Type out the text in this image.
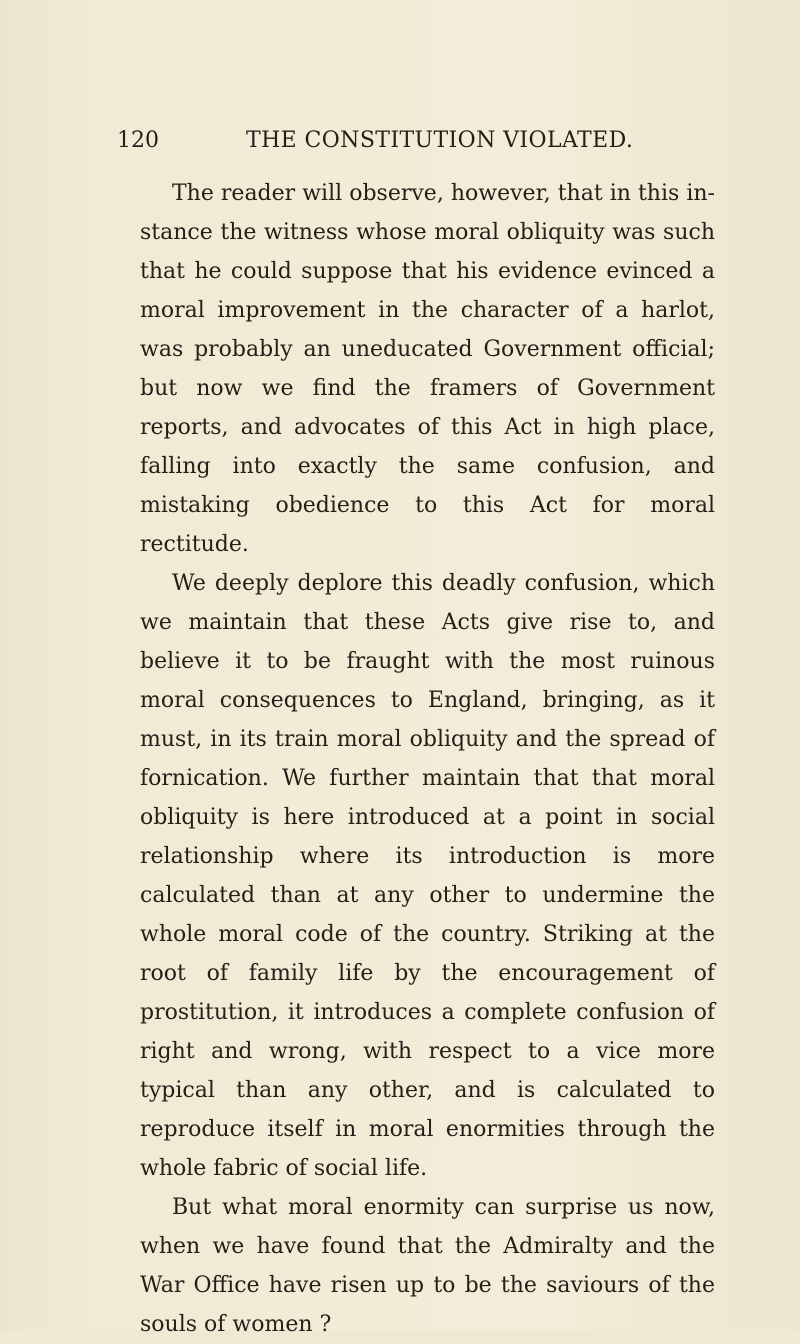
120	THE CONSTITUTION VIOLATED.

The reader will observe, however, that in this in- stance the witness whose moral obliquity was such that he could suppose that his evidence evinced a moral improvement in the character of a harlot, was probably an uneducated Government official; but now we find the framers of Government reports, and advocates of this Act in high place, falling into exactly the same confusion, and mistaking obedience to this Act for moral rectitude.

We deeply deplore this deadly confusion, which we maintain that these Acts give rise to, and believe it to be fraught with the most ruinous moral consequences to England, bringing, as it must, in its train moral obliquity and the spread of fornication. We further maintain that that moral obliquity is here introduced at a point in social relationship where its introduction is more calculated than at any other to undermine the whole moral code of the country. Striking at the root of family life by the encouragement of prostitution, it introduces a complete confusion of right and wrong, with respect to a vice more typical than any other, and is calculated to reproduce itself in moral enormities through the whole fabric of social life.

But what moral enormity can surprise us now, when we have found that the Admiralty and the War Office have risen up to be the saviours of the souls of women ?
